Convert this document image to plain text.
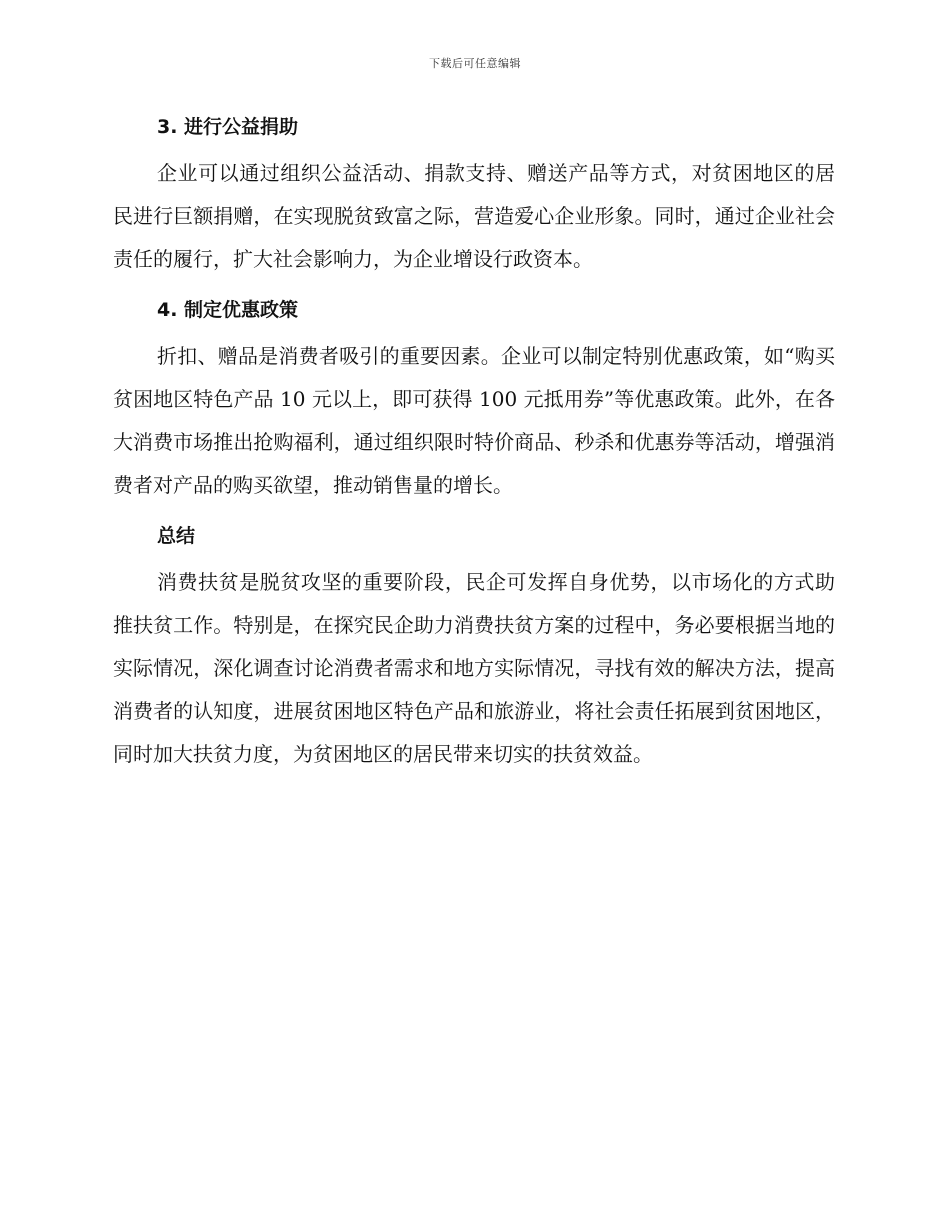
下载后可任意编辑
3. 进行公益捐助

企业可以通过组织公益活动、捐款支持、赠送产品等方式，对贫困地区的居民进行巨额捐赠，在实现脱贫致富之际，营造爱心企业形象。同时，通过企业社会责任的履行，扩大社会影响力，为企业增设行政资本。

4. 制定优惠政策

折扣、赠品是消费者吸引的重要因素。企业可以制定特别优惠政策，如“购买贫困地区特色产品 10 元以上，即可获得 100 元抵用券”等优惠政策。此外，在各大消费市场推出抢购福利，通过组织限时特价商品、秒杀和优惠券等活动，增强消费者对产品的购买欲望，推动销售量的增长。

总结

消费扶贫是脱贫攻坚的重要阶段，民企可发挥自身优势，以市场化的方式助推扶贫工作。特别是，在探究民企助力消费扶贫方案的过程中，务必要根据当地的实际情况，深化调查讨论消费者需求和地方实际情况，寻找有效的解决方法，提高消费者的认知度，进展贫困地区特色产品和旅游业，将社会责任拓展到贫困地区，同时加大扶贫力度，为贫困地区的居民带来切实的扶贫效益。
